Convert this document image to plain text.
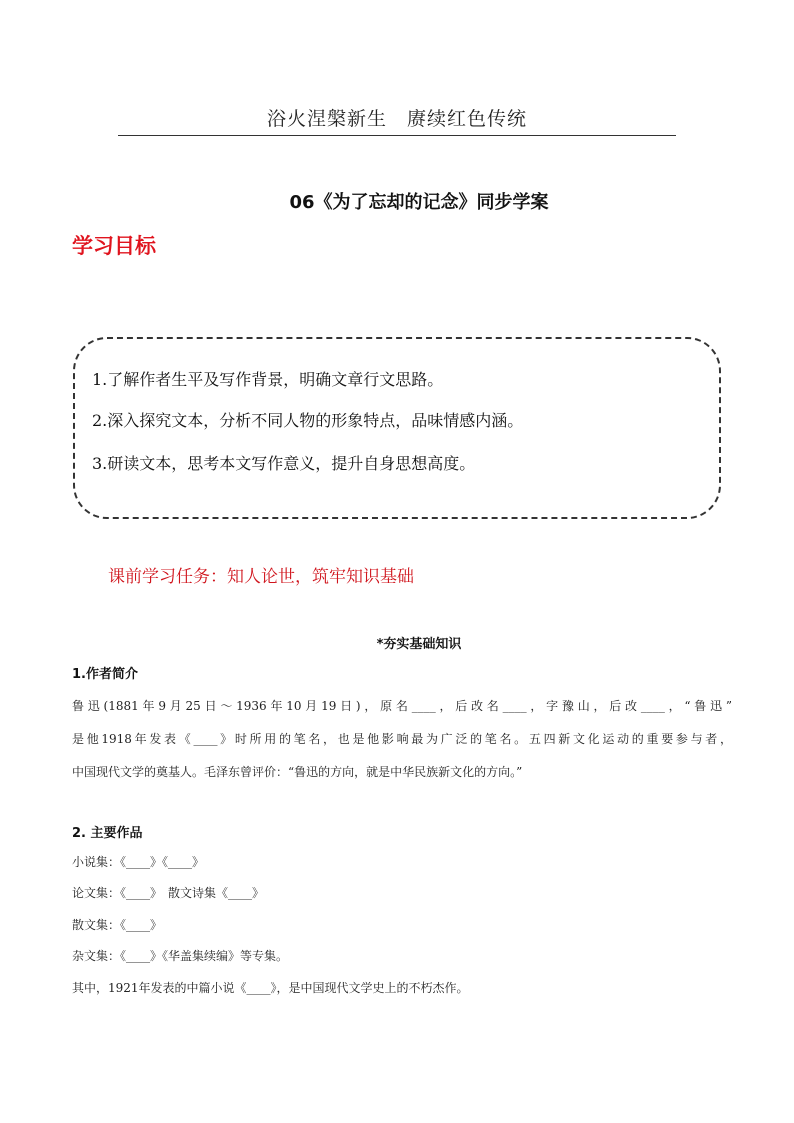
浴火涅槃新生　赓续红色传统
06《为了忘却的记念》同步学案
学习目标
1.了解作者生平及写作背景，明确文章行文思路。
2.深入探究文本，分析不同人物的形象特点，品味情感内涵。
3.研读文本，思考本文写作意义，提升自身思想高度。
课前学习任务：知人论世，筑牢知识基础
*夯实基础知识
1.作者简介
鲁迅(1881年9月25日～1936年10月19日)，原名____，后改名____，字豫山，后改____，“鲁迅”
是他1918年发表《____》时所用的笔名，也是他影响最为广泛的笔名。五四新文化运动的重要参与者，
中国现代文学的奠基人。毛泽东曾评价：“鲁迅的方向，就是中华民族新文化的方向。”
2. 主要作品
小说集：《____》《____》
论文集：《____》　散文诗集《____》
散文集：《____》
杂文集：《____》《华盖集续编》等专集。
其中，1921年发表的中篇小说《____》，是中国现代文学史上的不朽杰作。
